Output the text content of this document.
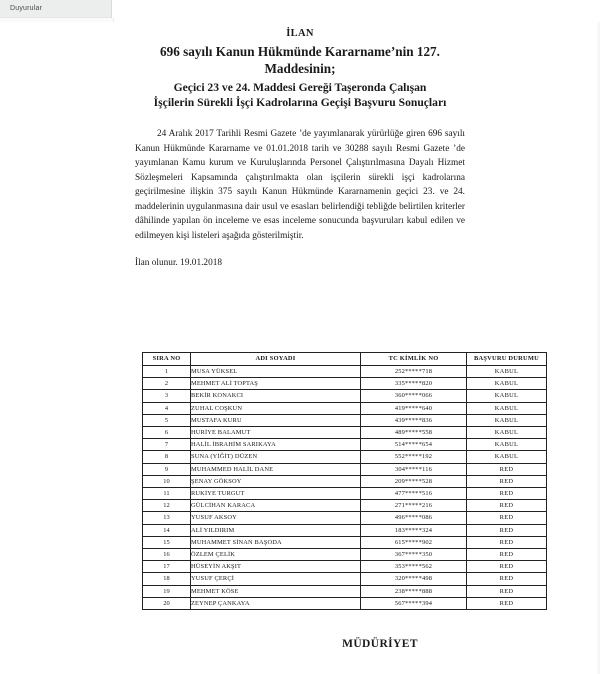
Duyurular
İLAN
696 sayılı Kanun Hükmünde Kararname’nin 127.
Maddesinin;
Geçici 23 ve 24. Maddesi Gereği Taşeronda Çalışan
İşçilerin Sürekli İşçi Kadrolarına Geçişi Başvuru Sonuçları
24 Aralık 2017 Tarihli Resmi Gazete ’de yayımlanarak yürürlüğe giren 696 sayılı Kanun Hükmünde Kararname ve 01.01.2018 tarih ve 30288 sayılı Resmi Gazete ’de yayımlanan Kamu kurum ve Kuruluşlarında Personel Çalıştırılmasına Dayalı Hizmet Sözleşmeleri Kapsamında çalıştırılmakta olan işçilerin sürekli işçi kadrolarına geçirilmesine ilişkin 375 sayılı Kanun Hükmünde Kararnamenin geçici 23. ve 24. maddelerinin uygulanmasına dair usul ve esasları belirlendiği tebliğde belirtilen kriterler dâhilinde yapılan ön inceleme ve esas inceleme sonucunda başvuruları kabul edilen ve edilmeyen kişi listeleri aşağıda gösterilmiştir.
İlan olunur. 19.01.2018
SIRA NO	ADI SOYADI	TC KİMLİK NO	BAŞVURU DURUMU
1	MUSA YÜKSEL	252*****718	KABUL
2	MEHMET ALİ TOPTAŞ	335*****820	KABUL
3	BEKİR KONAKCI	360*****066	KABUL
4	ZUHAL COŞKUN	419*****640	KABUL
5	MUSTAFA KURU	439*****836	KABUL
6	HURİYE BALAMUT	489*****558	KABUL
7	HALİL İBRAHİM SARIKAYA	514*****654	KABUL
8	SUNA (YİĞİT) DÜZEN	552*****192	KABUL
9	MUHAMMED HALİL DANE	304*****116	RED
10	ŞENAY GÖKSOY	209*****528	RED
11	RUKİYE TURGUT	477*****516	RED
12	GÜLCİHAN KARACA	271*****216	RED
13	YUSUF AKSOY	496*****086	RED
14	ALİ YILDIRIM	183*****324	RED
15	MUHAMMET SİNAN BAŞODA	615*****902	RED
16	ÖZLEM ÇELİK	367*****350	RED
17	HÜSEYİN AKŞIT	353*****562	RED
18	YUSUF ÇERÇİ	320*****498	RED
19	MEHMET KÖSE	238*****888	RED
20	ZEYNEP ÇANKAYA	567*****394	RED
MÜDÜRİYET
